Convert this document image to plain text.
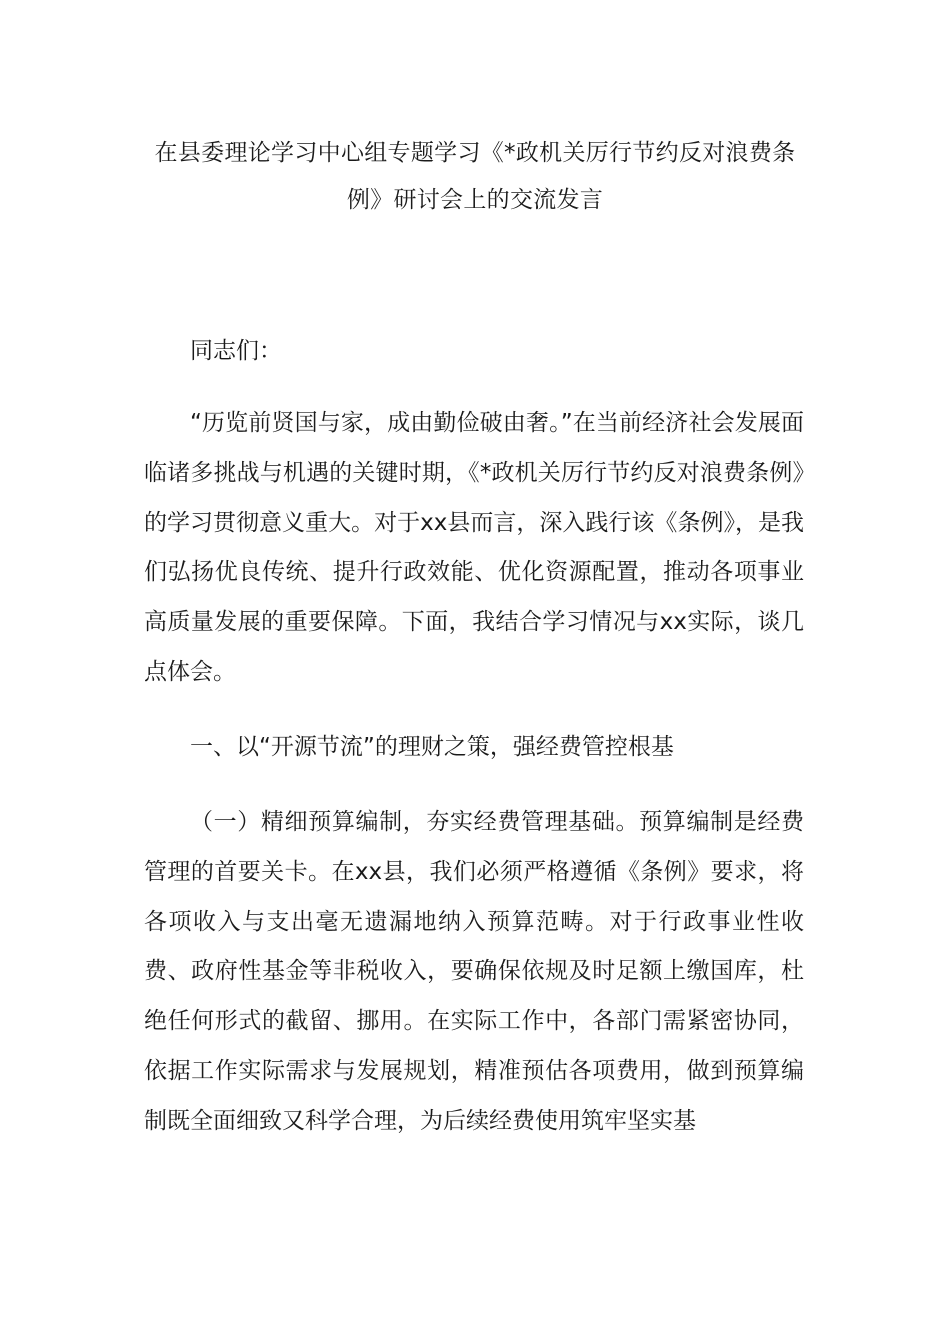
在县委理论学习中心组专题学习《*政机关厉行节约反对浪费条
例》研讨会上的交流发言

同志们：

“历览前贤国与家，成由勤俭破由奢。”在当前经济社会发展面临诸多挑战与机遇的关键时期，《*政机关厉行节约反对浪费条例》的学习贯彻意义重大。对于xx县而言，深入践行该《条例》，是我们弘扬优良传统、提升行政效能、优化资源配置，推动各项事业高质量发展的重要保障。下面，我结合学习情况与xx实际，谈几点体会。

一、以“开源节流”的理财之策，强经费管控根基

（一）精细预算编制，夯实经费管理基础。预算编制是经费管理的首要关卡。在xx县，我们必须严格遵循《条例》要求，将各项收入与支出毫无遗漏地纳入预算范畴。对于行政事业性收费、政府性基金等非税收入，要确保依规及时足额上缴国库，杜绝任何形式的截留、挪用。在实际工作中，各部门需紧密协同，依据工作实际需求与发展规划，精准预估各项费用，做到预算编制既全面细致又科学合理，为后续经费使用筑牢坚实基
